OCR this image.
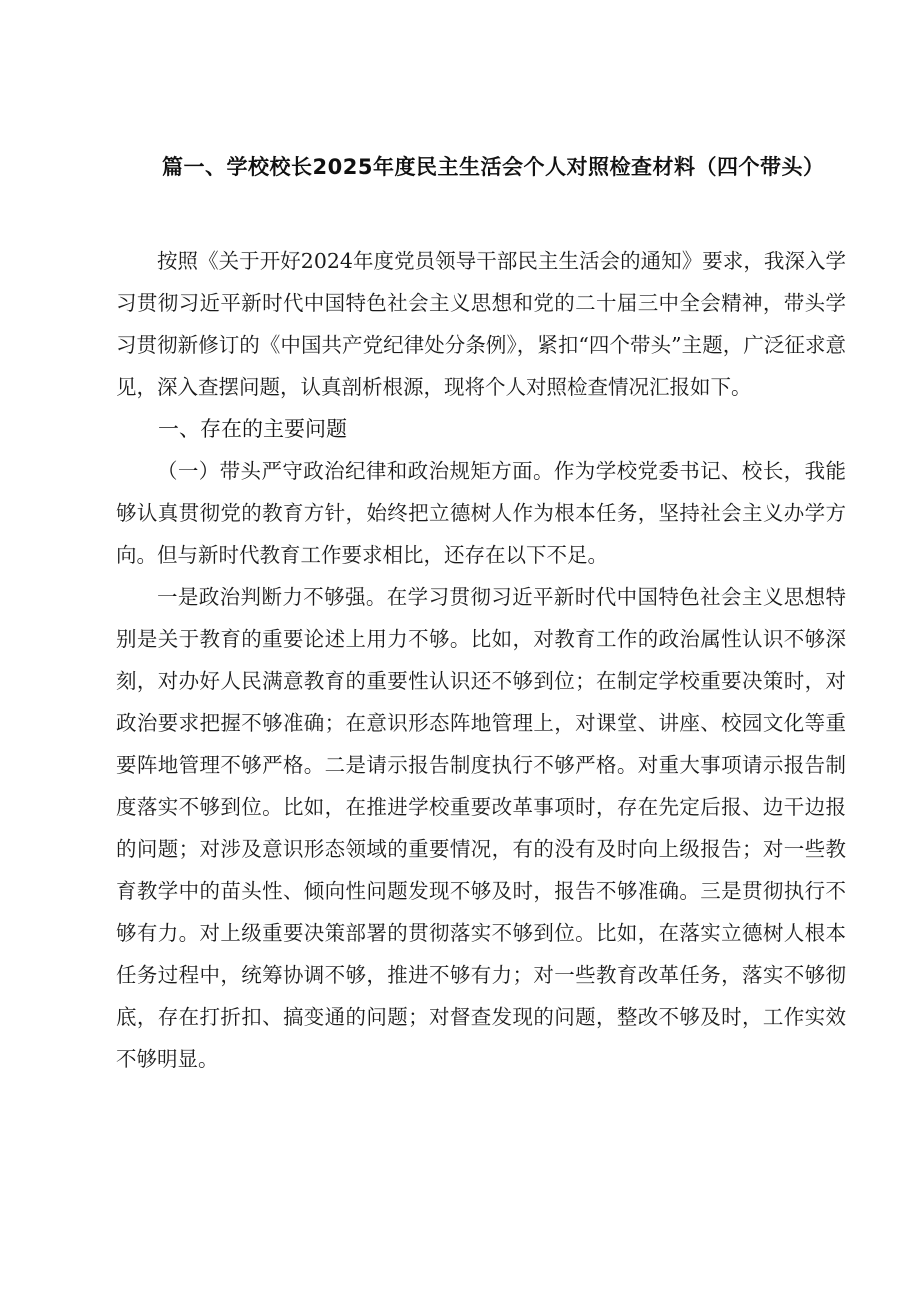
篇一、学校校长2025年度民主生活会个人对照检查材料（四个带头）

按照《关于开好2024年度党员领导干部民主生活会的通知》要求，我深入学习贯彻习近平新时代中国特色社会主义思想和党的二十届三中全会精神，带头学习贯彻新修订的《中国共产党纪律处分条例》，紧扣“四个带头”主题，广泛征求意见，深入查摆问题，认真剖析根源，现将个人对照检查情况汇报如下。

一、存在的主要问题

（一）带头严守政治纪律和政治规矩方面。作为学校党委书记、校长，我能够认真贯彻党的教育方针，始终把立德树人作为根本任务，坚持社会主义办学方向。但与新时代教育工作要求相比，还存在以下不足。

一是政治判断力不够强。在学习贯彻习近平新时代中国特色社会主义思想特别是关于教育的重要论述上用力不够。比如，对教育工作的政治属性认识不够深刻，对办好人民满意教育的重要性认识还不够到位；在制定学校重要决策时，对政治要求把握不够准确；在意识形态阵地管理上，对课堂、讲座、校园文化等重要阵地管理不够严格。二是请示报告制度执行不够严格。对重大事项请示报告制度落实不够到位。比如，在推进学校重要改革事项时，存在先定后报、边干边报的问题；对涉及意识形态领域的重要情况，有的没有及时向上级报告；对一些教育教学中的苗头性、倾向性问题发现不够及时，报告不够准确。三是贯彻执行不够有力。对上级重要决策部署的贯彻落实不够到位。比如，在落实立德树人根本任务过程中，统筹协调不够，推进不够有力；对一些教育改革任务，落实不够彻底，存在打折扣、搞变通的问题；对督查发现的问题，整改不够及时，工作实效不够明显。
